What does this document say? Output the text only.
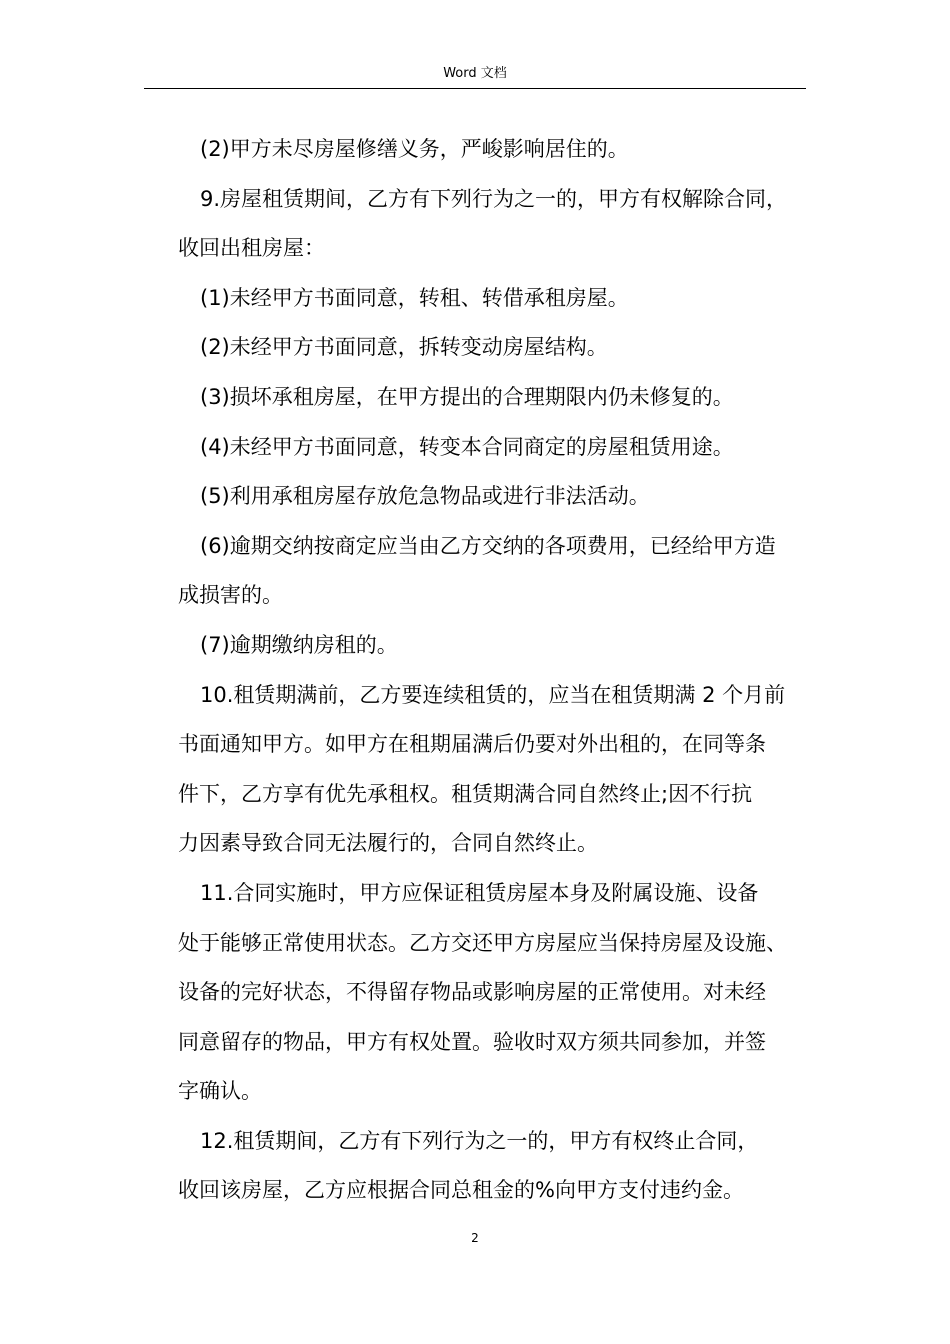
Word 文档
(2)甲方未尽房屋修缮义务，严峻影响居住的。
9.房屋租赁期间，乙方有下列行为之一的，甲方有权解除合同，
收回出租房屋：
(1)未经甲方书面同意，转租、转借承租房屋。
(2)未经甲方书面同意，拆转变动房屋结构。
(3)损坏承租房屋，在甲方提出的合理期限内仍未修复的。
(4)未经甲方书面同意，转变本合同商定的房屋租赁用途。
(5)利用承租房屋存放危急物品或进行非法活动。
(6)逾期交纳按商定应当由乙方交纳的各项费用，已经给甲方造
成损害的。
(7)逾期缴纳房租的。
10.租赁期满前，乙方要连续租赁的，应当在租赁期满 2 个月前
书面通知甲方。如甲方在租期届满后仍要对外出租的，在同等条
件下，乙方享有优先承租权。租赁期满合同自然终止;因不行抗
力因素导致合同无法履行的，合同自然终止。
11.合同实施时，甲方应保证租赁房屋本身及附属设施、设备
处于能够正常使用状态。乙方交还甲方房屋应当保持房屋及设施、
设备的完好状态，不得留存物品或影响房屋的正常使用。对未经
同意留存的物品，甲方有权处置。验收时双方须共同参加，并签
字确认。
12.租赁期间，乙方有下列行为之一的，甲方有权终止合同，
收回该房屋，乙方应根据合同总租金的%向甲方支付违约金。
2
